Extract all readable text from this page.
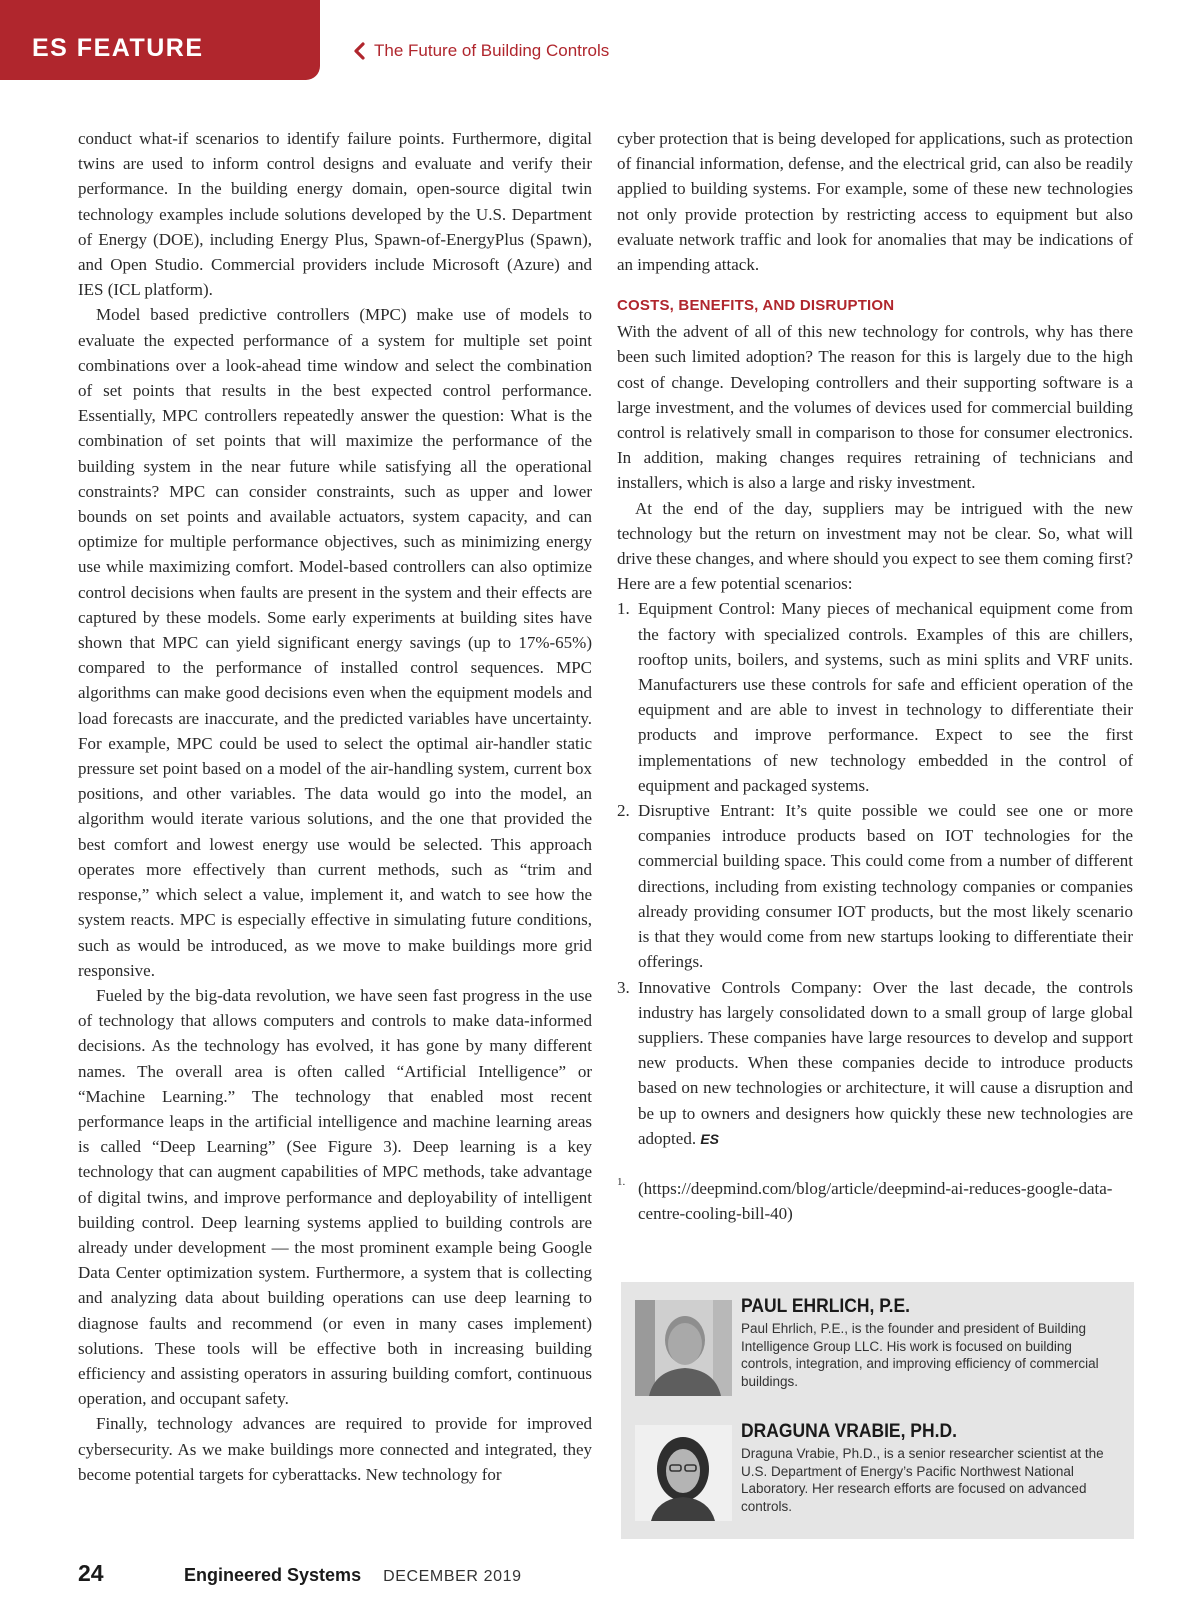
ES FEATURE	The Future of Building Controls

conduct what-if scenarios to identify failure points. Furthermore, digital twins are used to inform control designs and evaluate and verify their performance. In the building energy domain, open-source digital twin technology examples include solutions developed by the U.S. Department of Energy (DOE), including Energy Plus, Spawn-of-EnergyPlus (Spawn), and Open Studio. Commercial providers include Microsoft (Azure) and IES (ICL platform).

Model based predictive controllers (MPC) make use of models to evaluate the expected performance of a system for multiple set point combinations over a look-ahead time window and select the combination of set points that results in the best expected control performance. Essentially, MPC controllers repeatedly answer the question: What is the combination of set points that will maximize the performance of the building system in the near future while satisfying all the operational constraints? MPC can consider constraints, such as upper and lower bounds on set points and available actuators, system capacity, and can optimize for multiple performance objectives, such as minimizing energy use while maximizing comfort. Model-based controllers can also optimize control decisions when faults are present in the system and their effects are captured by these models. Some early experiments at building sites have shown that MPC can yield significant energy savings (up to 17%-65%) compared to the performance of installed control sequences. MPC algorithms can make good decisions even when the equipment models and load forecasts are inaccurate, and the predicted variables have uncertainty. For example, MPC could be used to select the optimal air-handler static pressure set point based on a model of the air-handling system, current box positions, and other variables. The data would go into the model, an algorithm would iterate various solutions, and the one that provided the best comfort and lowest energy use would be selected. This approach operates more effectively than current methods, such as “trim and response,” which select a value, implement it, and watch to see how the system reacts. MPC is especially effective in simulating future conditions, such as would be introduced, as we move to make buildings more grid responsive.

Fueled by the big-data revolution, we have seen fast progress in the use of technology that allows computers and controls to make data-informed decisions. As the technology has evolved, it has gone by many different names. The overall area is often called “Artificial Intelligence” or “Machine Learning.” The technology that enabled most recent performance leaps in the artificial intelligence and machine learning areas is called “Deep Learning” (See Figure 3). Deep learning is a key technology that can augment capabilities of MPC methods, take advantage of digital twins, and improve performance and deployability of intelligent building control. Deep learning systems applied to building controls are already under development — the most prominent example being Google Data Center optimization system. Furthermore, a system that is collecting and analyzing data about building operations can use deep learning to diagnose faults and recommend (or even in many cases implement) solutions. These tools will be effective both in increasing building efficiency and assisting operators in assuring building comfort, continuous operation, and occupant safety.

Finally, technology advances are required to provide for improved cybersecurity. As we make buildings more connected and integrated, they become potential targets for cyberattacks. New technology for

cyber protection that is being developed for applications, such as protection of financial information, defense, and the electrical grid, can also be readily applied to building systems. For example, some of these new technologies not only provide protection by restricting access to equipment but also evaluate network traffic and look for anomalies that may be indications of an impending attack.

COSTS, BENEFITS, AND DISRUPTION

With the advent of all of this new technology for controls, why has there been such limited adoption? The reason for this is largely due to the high cost of change. Developing controllers and their supporting software is a large investment, and the volumes of devices used for commercial building control is relatively small in comparison to those for consumer electronics. In addition, making changes requires retraining of technicians and installers, which is also a large and risky investment.

At the end of the day, suppliers may be intrigued with the new technology but the return on investment may not be clear. So, what will drive these changes, and where should you expect to see them coming first? Here are a few potential scenarios:

1. Equipment Control: Many pieces of mechanical equipment come from the factory with specialized controls. Examples of this are chillers, rooftop units, boilers, and systems, such as mini splits and VRF units. Manufacturers use these controls for safe and efficient operation of the equipment and are able to invest in technology to differentiate their products and improve performance. Expect to see the first implementations of new technology embedded in the control of equipment and packaged systems.
2. Disruptive Entrant: It’s quite possible we could see one or more companies introduce products based on IOT technologies for the commercial building space. This could come from a number of different directions, including from existing technology companies or companies already providing consumer IOT products, but the most likely scenario is that they would come from new startups looking to differentiate their offerings.
3. Innovative Controls Company: Over the last decade, the controls industry has largely consolidated down to a small group of large global suppliers. These companies have large resources to develop and support new products. When these companies decide to introduce products based on new technologies or architecture, it will cause a disruption and be up to owners and designers how quickly these new technologies are adopted. ES
1. (https://deepmind.com/blog/article/deepmind-ai-reduces-google-data-centre-cooling-bill-40)
PAUL EHRLICH, P.E.
Paul Ehrlich, P.E., is the founder and president of Building Intelligence Group LLC. His work is focused on building controls, integration, and improving efficiency of commercial buildings.
DRAGUNA VRABIE, PH.D.
Draguna Vrabie, Ph.D., is a senior researcher scientist at the U.S. Department of Energy’s Pacific Northwest National Laboratory. Her research efforts are focused on advanced controls.
24	Engineered Systems DECEMBER 2019
